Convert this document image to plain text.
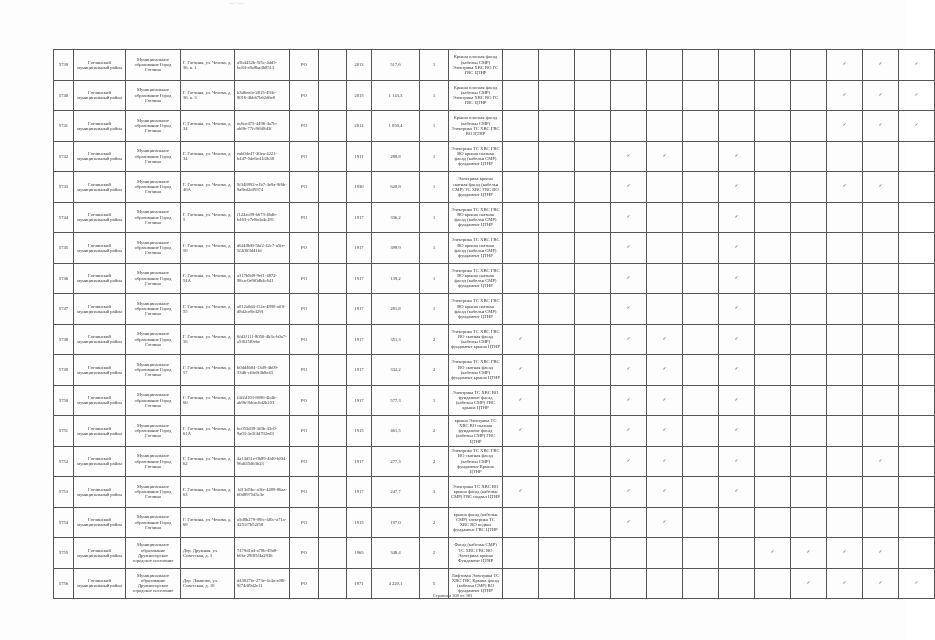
— · — ,
5739	Гатчинский муниципальный район	Муниципальное образование Город Гатчина	Г. Гатчина, ул. Чехова, д. 36, к. 1	a5b4432b-5f5c-4dd5-bc84-e8a9ba4b8513	РО		2013	517,6	1	Крыша плоская фасад (кабельн СМР) Электрика ХВС ВО ГС ГВС ЦТНР										✓	✓	✓
5740	Гатчинский муниципальный район	Муниципальное образование Город Гатчина	Г. Гатчина, ул. Чехова, д. 36, к. 3	b3d6eefa-2815-494c-8016-4bb67b62d6e8	РО		2015	1 143,3	1	Крыша плоская фасад (кабельн СМР) Электрика ХВС ВО ГС ГВС ЦТНР										✓	✓	✓
5741	Гатчинский муниципальный район	Муниципальное образование Город Гатчина	Г. Гатчина, ул. Чехова, д. 34	ec6ce475-4496-4a7b-ab9b-77fc9f6f8d3f	РО		2012	1 050,4	1	Крыша плоская фасад (кабельн СМР) Электрика ТС ХВС ГВС ВО ЦТНР										✓	✓	✓
5742	Гатчинский муниципальный район	Муниципальное образование Город Гатчина	Г. Гатчина, ул. Чехова, д. 34	eab0de47-20ea-4221-b447-5de6e41f2b38	РО		1911	288,8	1	Электрика ТС ХВС ГВС ВО крыша скатная фасад (кабельн СМР) фундамент ЦТНР				✓	✓		✓					
5743	Гатчинский муниципальный район	Муниципальное образование Город Гатчина	Г. Гатчина, ул. Чехова, д. 46А	9f348992-e1b7-4e9a-9f6b-9a8ed2df9374	РО		1930	620,8	1	Электрика крыша скатная фасад (кабельн СМР) ТС ХВС ГВС ВО фундамент ЦТНР				✓			✓			✓	✓	
5744	Гатчинский муниципальный район	Муниципальное образование Город Гатчина	Г. Гатчина, ул. Чехова, д. 5	f122ac09-b673-46db-b463-c7e8eda4c281	РО		1917	336,2	1	Электрика ТС ХВС ГВС ВО крыша скатная фасад (кабельн СМР) фундамент ЦТНР				✓			✓					
5745	Гатчинский муниципальный район	Муниципальное образование Город Гатчина	Г. Гатчина, ул. Чехова, д. 50	d6f4f8d0-5bf2-42c7-a5fe-5f2f8f3d41fd	РО		1917	399,9	1	Электрика ТС ХВС ГВС ВО крыша скатная фасад (кабельн СМР) фундамент ЦТНР				✓			✓					
5746	Гатчинский муниципальный район	Муниципальное образование Город Гатчина	Г. Гатчина, ул. Чехова, д. 54А	a317b8d9-9ef1-4872-98ca-0e9f0db4c641	РО		1917	139,2	1	Электрика ТС ХВС ГВС ВО крыша скатная фасад (кабельн СМР) фундамент ЦТНР				✓			✓					
5747	Гатчинский муниципальный район	Муниципальное образование Город Гатчина	Г. Гатчина, ул. Чехова, д. 55	a012a0d4-f12a-4890-af0f-d8d2ce8e4291	РО		1917	281,8	1	Электрика ТС ХВС ГВС ВО крыша скатная фасад (кабельн СМР) фундамент ЦТНР				✓			✓					
5748	Гатчинский муниципальный район	Муниципальное образование Город Гатчина	Г. Гатчина, ул. Чехова, д. 56	6fd2f111-8050-4b3c-b0a7-a5f025f0ebe	РО		1917	351,3	2	Электрика ТС ХВС ГВС ВО скатная фасад (кабельн СМР) фундамент крыша ЦТНР	✓			✓	✓		✓					
5749	Гатчинский муниципальный район	Муниципальное образование Город Гатчина	Г. Гатчина, ул. Чехова, д. 57	b0dd4604-13d9-4b09-33d6-cfde0f4b8e43	РО		1917	332,2	2	Электрика ТС ХВС ГВС ВО скатная фасад (кабельн СМР) фундамент крыша ЦТНР	✓			✓	✓		✓					
5750	Гатчинский муниципальный район	Муниципальное образование Город Гатчина	Г. Гатчина, ул. Чехова, д. 60	f4f2d193-8096-4b4b-ab9b-8dcac6d2b103	РО		1917	577,3	1	Электрика ТС ХВС ВО фундамент фасад (кабельн СМР) ГВС крыша ЦТНР	✓			✓	✓		✓					
5751	Гатчинский муниципальный район	Муниципальное образование Город Гатчина	Г. Гатчина, ул. Чехова, д. 61А	bc053d39-3f0b-43c0-9a03-4e3f4d702ed3	РО		1915	461,5	2	крыша Электрика ТС ХВС ВО скатная фундамент фасад (кабельн СМР) ГВС ЦТНР	✓			✓	✓		✓					
5752	Гатчинский муниципальный район	Муниципальное образование Город Гатчина	Г. Гатчина, ул. Чехова, д. 62	4a14d51e-0b89-4fd0-b8f4-96df45463b23	РО		1917	277,3	2	Электрика ТС ХВС ГВС ВО скатная фасад (кабельн СМР) фундамент Крыша ЦТНР				✓	✓		✓				✓	
5753	Гатчинский муниципальный район	Муниципальное образование Город Гатчина	Г. Гатчина, ул. Чехова, д. 63	1d13d5bc-a3fe-4489-86aa-60d8975d3c3e	РО		1917	247,7	3	Электрика ТС ХВС ВО крыша фасад (кабельн СМР) ГВС подвал ЦТНР	✓			✓	✓		✓					
5754	Гатчинский муниципальный район	Муниципальное образование Город Гатчина	Г. Гатчина, ул. Чехова, д. 69	a5d8b279-99fc-4f0c-a71a-4251f7b52f58	РО		1915	197,0	2	крыша фасад (кабельн СМР) электрика ТС ХВС ВО подвал фундамент ГВС ЦТНР				✓	✓							
5755	Гатчинский муниципальный район	Муниципальное образование Дружногорское городское поселение	Дер. Дружная, ул. Советская, д. 3	7479d1a4-a70b-49a8-b6fa-29f05f4a2936	РО		1965	348,4	2	Фасад (кабельн СМР) ТС ХВС ГВС ВО Электрика крыша Фундамент ЦТНР								✓	✓	✓	✓	
5756	Гатчинский муниципальный район	Муниципальное образование Дружногорское городское поселение	Дер. Лампово, ул. Советская, д. 10	d43027fe-273e-4c4a-a08f-9f74df9d2e11	РО		1971	4 220,1	5	Лифтовая Электрика ТС ХВС ГВС Крыша фасад (кабельн СМР) ВО фундамент ЦТНР									✓	✓	✓	✓
Страница 300 из 383
